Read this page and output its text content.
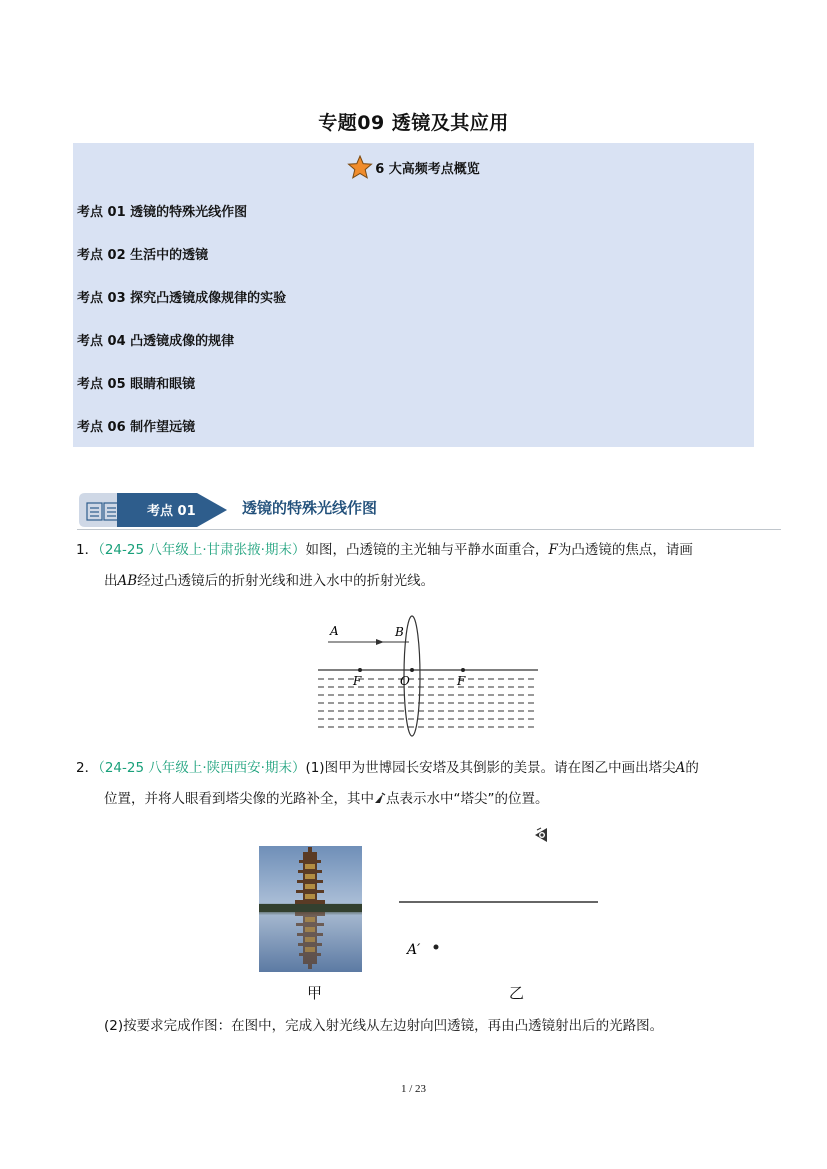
专题09 透镜及其应用
6 大高频考点概览
考点 01 透镜的特殊光线作图
考点 02 生活中的透镜
考点 03 探究凸透镜成像规律的实验
考点 04 凸透镜成像的规律
考点 05 眼睛和眼镜
考点 06 制作望远镜
考点 01	透镜的特殊光线作图
1．（24-25 八年级上·甘肃张掖·期末）如图，凸透镜的主光轴与平静水面重合，F为凸透镜的焦点，请画
出AB经过凸透镜后的折射光线和进入水中的折射光线。
A	B
F	O	F
2．（24-25 八年级上·陕西西安·期末）(1)图甲为世博园长安塔及其倒影的美景。请在图乙中画出塔尖A的
位置，并将人眼看到塔尖像的光路补全，其中 点表示水中“塔尖”的位置。
A′
甲	乙
(2)按要求完成作图：在图中，完成入射光线从左边射向凹透镜，再由凸透镜射出后的光路图。
1 / 23
